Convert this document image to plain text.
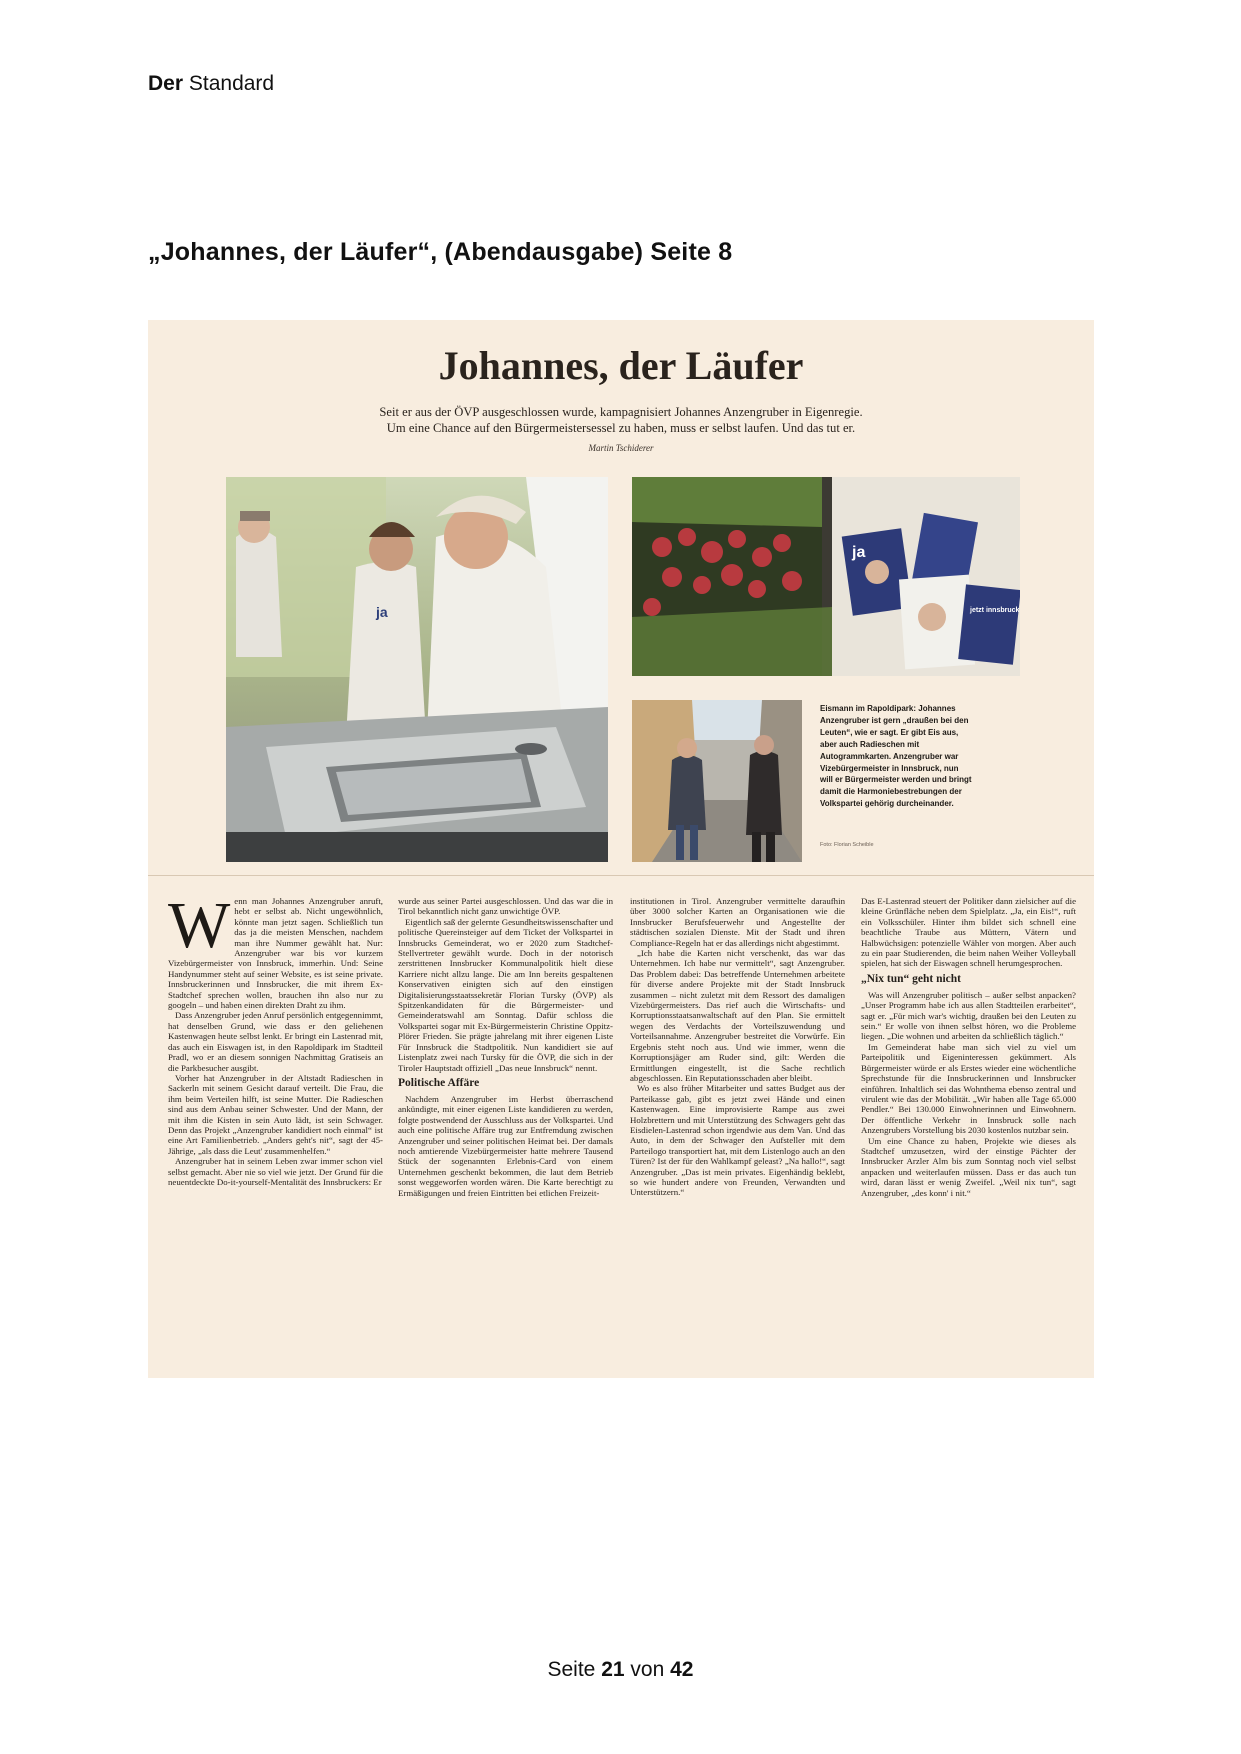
Der Standard
„Johannes, der Läufer“, (Abendausgabe) Seite 8
Johannes, der Läufer
Seit er aus der ÖVP ausgeschlossen wurde, kampagnisiert Johannes Anzengruber in Eigenregie.
Um eine Chance auf den Bürgermeistersessel zu haben, muss er selbst laufen. Und das tut er.
Martin Tschiderer
ja
ja
jetzt innsbruck
Eismann im Rapoldipark: Johannes Anzengruber ist gern „draußen bei den Leuten“, wie er sagt. Er gibt Eis aus, aber auch Radieschen mit Autogrammkarten. Anzengruber war Vizebürgermeister in Innsbruck, nun will er Bürgermeister werden und bringt damit die Harmoniebestrebungen der Volkspartei gehörig durcheinander.
Foto: Florian Scheible
W enn man Johannes Anzengruber anruft, hebt er selbst ab. Nicht ungewöhnlich, könnte man jetzt sagen. Schließlich tun das ja die meisten Menschen, nachdem man ihre Nummer gewählt hat. Nur: Anzengruber war bis vor kurzem Vizebürgermeister von Innsbruck, immerhin. Und: Seine Handynummer steht auf seiner Website, es ist seine private. Innsbruckerinnen und Innsbrucker, die mit ihrem Ex-Stadtchef sprechen wollen, brauchen ihn also nur zu googeln – und haben einen direkten Draht zu ihm.

Dass Anzengruber jeden Anruf persönlich entgegennimmt, hat denselben Grund, wie dass er den geliehenen Kastenwagen heute selbst lenkt. Er bringt ein Lastenrad mit, das auch ein Eiswagen ist, in den Rapoldipark im Stadtteil Pradl, wo er an diesem sonnigen Nachmittag Gratiseis an die Parkbesucher ausgibt.

Vorher hat Anzengruber in der Altstadt Radieschen in Sackerln mit seinem Gesicht darauf verteilt. Die Frau, die ihm beim Verteilen hilft, ist seine Mutter. Die Radieschen sind aus dem Anbau seiner Schwester. Und der Mann, der mit ihm die Kisten in sein Auto lädt, ist sein Schwager. Denn das Projekt „Anzengruber kandidiert noch einmal“ ist eine Art Familienbetrieb. „Anders geht's nit“, sagt der 45-Jährige, „als dass die Leut' zusammenhelfen.“

Anzengruber hat in seinem Leben zwar immer schon viel selbst gemacht. Aber nie so viel wie jetzt. Der Grund für die neuentdeckte Do-it-yourself-Mentalität des Innsbruckers: Er

wurde aus seiner Partei ausgeschlossen. Und das war die in Tirol bekanntlich nicht ganz unwichtige ÖVP.

Eigentlich saß der gelernte Gesundheitswissenschafter und politische Quereinsteiger auf dem Ticket der Volkspartei in Innsbrucks Gemeinderat, wo er 2020 zum Stadtchef-Stellvertreter gewählt wurde. Doch in der notorisch zerstrittenen Innsbrucker Kommunalpolitik hielt diese Karriere nicht allzu lange. Die am Inn bereits gespaltenen Konservativen einigten sich auf den einstigen Digitalisierungsstaatssekretär Florian Tursky (ÖVP) als Spitzenkandidaten für die Bürgermeister- und Gemeinderatswahl am Sonntag. Dafür schloss die Volkspartei sogar mit Ex-Bürgermeisterin Christine Oppitz-Plörer Frieden. Sie prägte jahrelang mit ihrer eigenen Liste Für Innsbruck die Stadtpolitik. Nun kandidiert sie auf Listenplatz zwei nach Tursky für die ÖVP, die sich in der Tiroler Hauptstadt offiziell „Das neue Innsbruck“ nennt.

Politische Affäre

Nachdem Anzengruber im Herbst überraschend ankündigte, mit einer eigenen Liste kandidieren zu werden, folgte postwendend der Ausschluss aus der Volkspartei. Und auch eine politische Affäre trug zur Entfremdung zwischen Anzengruber und seiner politischen Heimat bei. Der damals noch amtierende Vizebürgermeister hatte mehrere Tausend Stück der sogenannten Erlebnis-Card von einem Unternehmen geschenkt bekommen, die laut dem Betrieb sonst weggeworfen worden wären. Die Karte berechtigt zu Ermäßigungen und freien Eintritten bei etlichen Freizeit-

institutionen in Tirol. Anzengruber vermittelte daraufhin über 3000 solcher Karten an Organisationen wie die Innsbrucker Berufsfeuerwehr und Angestellte der städtischen sozialen Dienste. Mit der Stadt und ihren Compliance-Regeln hat er das allerdings nicht abgestimmt.

„Ich habe die Karten nicht verschenkt, das war das Unternehmen. Ich habe nur vermittelt“, sagt Anzengruber. Das Problem dabei: Das betreffende Unternehmen arbeitete für diverse andere Projekte mit der Stadt Innsbruck zusammen – nicht zuletzt mit dem Ressort des damaligen Vizebürgermeisters. Das rief auch die Wirtschafts- und Korruptionsstaatsanwaltschaft auf den Plan. Sie ermittelt wegen des Verdachts der Vorteilszuwendung und Vorteilsannahme. Anzengruber bestreitet die Vorwürfe. Ein Ergebnis steht noch aus. Und wie immer, wenn die Korruptionsjäger am Ruder sind, gilt: Werden die Ermittlungen eingestellt, ist die Sache rechtlich abgeschlossen. Ein Reputationsschaden aber bleibt.

Wo es also früher Mitarbeiter und sattes Budget aus der Parteikasse gab, gibt es jetzt zwei Hände und einen Kastenwagen. Eine improvisierte Rampe aus zwei Holzbrettern und mit Unterstützung des Schwagers geht das Eisdielen-Lastenrad schon irgendwie aus dem Van. Und das Auto, in dem der Schwager den Aufsteller mit dem Parteilogo transportiert hat, mit dem Listenlogo auch an den Türen? Ist der für den Wahlkampf geleast? „Na hallo!“, sagt Anzengruber. „Das ist mein privates. Eigenhändig beklebt, so wie hundert andere von Freunden, Verwandten und Unterstützern.“

Das E-Lastenrad steuert der Politiker dann zielsicher auf die kleine Grünfläche neben dem Spielplatz. „Ja, ein Eis!“, ruft ein Volksschüler. Hinter ihm bildet sich schnell eine beachtliche Traube aus Müttern, Vätern und Halbwüchsigen: potenzielle Wähler von morgen. Aber auch zu ein paar Studierenden, die beim nahen Weiher Volleyball spielen, hat sich der Eiswagen schnell herumgesprochen.

„Nix tun“ geht nicht

Was will Anzengruber politisch – außer selbst anpacken? „Unser Programm habe ich aus allen Stadtteilen erarbeitet“, sagt er. „Für mich war's wichtig, draußen bei den Leuten zu sein.“ Er wolle von ihnen selbst hören, wo die Probleme liegen. „Die wohnen und arbeiten da schließlich täglich.“

Im Gemeinderat habe man sich viel zu viel um Parteipolitik und Eigeninteressen gekümmert. Als Bürgermeister würde er als Erstes wieder eine wöchentliche Sprechstunde für die Innsbruckerinnen und Innsbrucker einführen. Inhaltlich sei das Wohnthema ebenso zentral und virulent wie das der Mobilität. „Wir haben alle Tage 65.000 Pendler.“ Bei 130.000 Einwohnerinnen und Einwohnern. Der öffentliche Verkehr in Innsbruck solle nach Anzengrubers Vorstellung bis 2030 kostenlos nutzbar sein.

Um eine Chance zu haben, Projekte wie dieses als Stadtchef umzusetzen, wird der einstige Pächter der Innsbrucker Arzler Alm bis zum Sonntag noch viel selbst anpacken und weiterlaufen müssen. Dass er das auch tun wird, daran lässt er wenig Zweifel. „Weil nix tun“, sagt Anzengruber, „des konn' i nit.“

Seite 21 von 42
